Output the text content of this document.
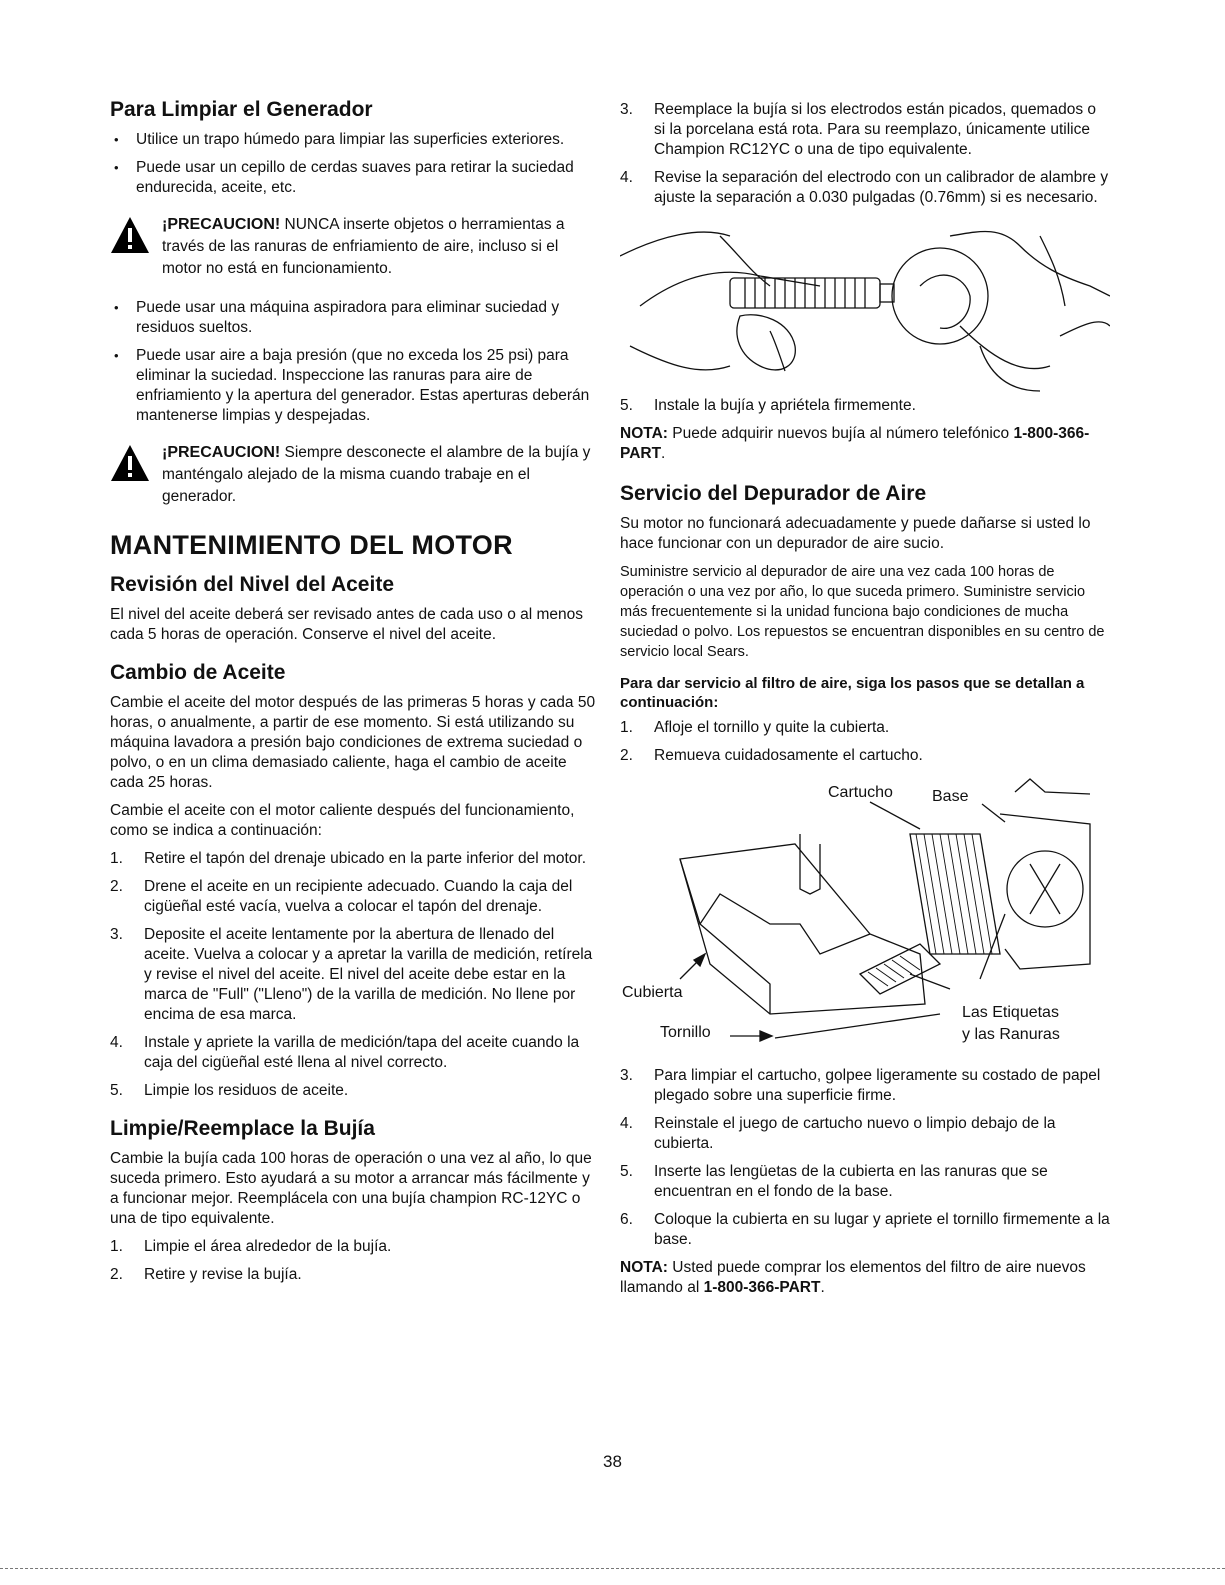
Para Limpiar el Generador
• Utilice un trapo húmedo para limpiar las superficies exteriores.
• Puede usar un cepillo de cerdas suaves para retirar la suciedad endurecida, aceite, etc.
¡PRECAUCION! NUNCA inserte objetos o herramientas a través de las ranuras de enfriamiento de aire, incluso si el motor no está en funcionamiento.
• Puede usar una máquina aspiradora para eliminar suciedad y residuos sueltos.
• Puede usar aire a baja presión (que no exceda los 25 psi) para eliminar la suciedad. Inspeccione las ranuras para aire de enfriamiento y la apertura del generador. Estas aperturas deberán mantenerse limpias y despejadas.
¡PRECAUCION! Siempre desconecte el alambre de la bujía y manténgalo alejado de la misma cuando trabaje en el generador.
MANTENIMIENTO DEL MOTOR
Revisión del Nivel del Aceite

El nivel del aceite deberá ser revisado antes de cada uso o al menos cada 5 horas de operación. Conserve el nivel del aceite.

Cambio de Aceite

Cambie el aceite del motor después de las primeras 5 horas y cada 50 horas, o anualmente, a partir de ese momento. Si está utilizando su máquina lavadora a presión bajo condiciones de extrema suciedad o polvo, o en un clima demasiado caliente, haga el cambio de aceite cada 25 horas.

Cambie el aceite con el motor caliente después del funcionamiento, como se indica a continuación:

1.	Retire el tapón del drenaje ubicado en la parte inferior del motor.
2.	Drene el aceite en un recipiente adecuado. Cuando la caja del cigüeñal esté vacía, vuelva a colocar el tapón del drenaje.
3.	Deposite el aceite lentamente por la abertura de llenado del aceite. Vuelva a colocar y a apretar la varilla de medición, retírela y revise el nivel del aceite. El nivel del aceite debe estar en la marca de "Full" ("Lleno") de la varilla de medición. No llene por encima de esa marca.
4.	Instale y apriete la varilla de medición/tapa del aceite cuando la caja del cigüeñal esté llena al nivel correcto.
5.	Limpie los residuos de aceite.
Limpie/Reemplace la Bujía

Cambie la bujía cada 100 horas de operación o una vez al año, lo que suceda primero. Esto ayudará a su motor a arrancar más fácilmente y a funcionar mejor. Reemplácela con una bujía champion RC-12YC o una de tipo equivalente.

1.	Limpie el área alrededor de la bujía.
2.	Retire y revise la bujía.
3.	Reemplace la bujía si los electrodos están picados, quemados o si la porcelana está rota. Para su reemplazo, únicamente utilice Champion RC12YC o una de tipo equivalente.
4.	Revise la separación del electrodo con un calibrador de alambre y ajuste la separación a 0.030 pulgadas (0.76mm) si es necesario.
5.	Instale la bujía y apriétela firmemente.

NOTA: Puede adquirir nuevos bujía al número telefónico 1-800-366-PART.

Servicio del Depurador de Aire

Su motor no funcionará adecuadamente y puede dañarse si usted lo hace funcionar con un depurador de aire sucio.

Suministre servicio al depurador de aire una vez cada 100 horas de operación o una vez por año, lo que suceda primero. Suministre servicio más frecuentemente si la unidad funciona bajo condiciones de mucha suciedad o polvo. Los repuestos se encuentran disponibles en su centro de servicio local Sears.

Para dar servicio al filtro de aire, siga los pasos que se detallan a continuación:

1.	Afloje el tornillo y quite la cubierta.
2.	Remueva cuidadosamente el cartucho.
Cartucho Base
Cubierta
Tornillo
Las Etiquetas
y las Ranuras
3.	Para limpiar el cartucho, golpee ligeramente su costado de papel plegado sobre una superficie firme.
4.	Reinstale el juego de cartucho nuevo o limpio debajo de la cubierta.
5.	Inserte las lengüetas de la cubierta en las ranuras que se encuentran en el fondo de la base.
6.	Coloque la cubierta en su lugar y apriete el tornillo firmemente a la base.

NOTA: Usted puede comprar los elementos del filtro de aire nuevos llamando al 1-800-366-PART.

38
